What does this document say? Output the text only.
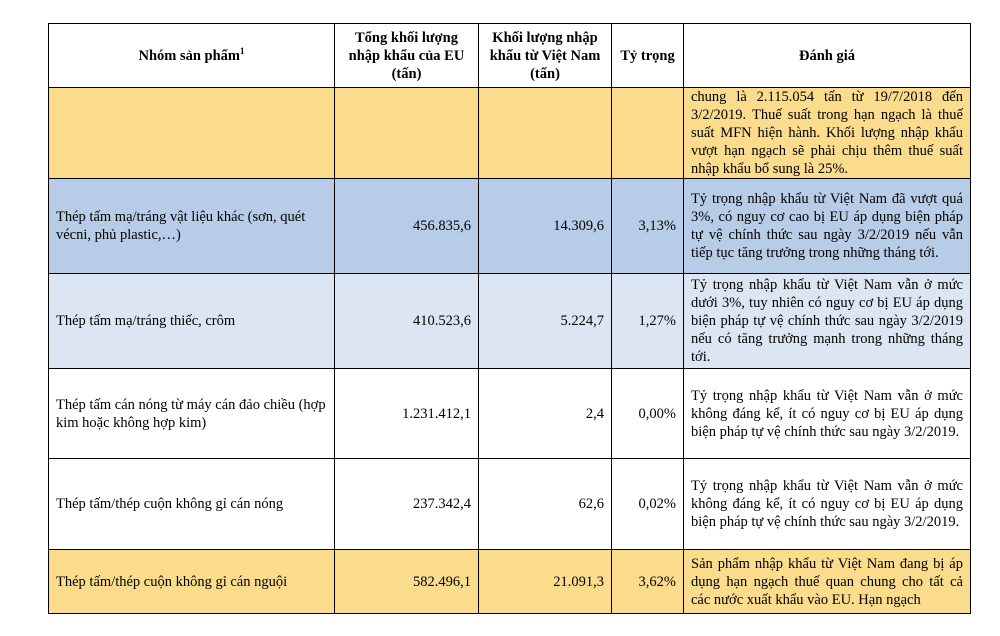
Nhóm sản phẩm$^1$	Tổng khối lượng nhập khẩu của EU (tấn)	Khối lượng nhập khẩu từ Việt Nam (tấn)	Tỷ trọng	Đánh giá
				chung là 2.115.054 tấn từ 19/7/2018 đến 3/2/2019. Thuế suất trong hạn ngạch là thuế suất MFN hiện hành. Khối lượng nhập khẩu vượt hạn ngạch sẽ phải chịu thêm thuế suất nhập khẩu bổ sung là 25%.
Thép tấm mạ/tráng vật liệu khác (sơn, quét vécni, phủ plastic,…)	456.835,6	14.309,6	3,13%	Tỷ trọng nhập khẩu từ Việt Nam đã vượt quá 3%, có nguy cơ cao bị EU áp dụng biện pháp tự vệ chính thức sau ngày 3/2/2019 nếu vẫn tiếp tục tăng trưởng trong những tháng tới.
Thép tấm mạ/tráng thiếc, crôm	410.523,6	5.224,7	1,27%	Tỷ trọng nhập khẩu từ Việt Nam vẫn ở mức dưới 3%, tuy nhiên có nguy cơ bị EU áp dụng biện pháp tự vệ chính thức sau ngày 3/2/2019 nếu có tăng trưởng mạnh trong những tháng tới.
Thép tấm cán nóng từ máy cán đảo chiều (hợp kim hoặc không hợp kim)	1.231.412,1	2,4	0,00%	Tỷ trọng nhập khẩu từ Việt Nam vẫn ở mức không đáng kể, ít có nguy cơ bị EU áp dụng biện pháp tự vệ chính thức sau ngày 3/2/2019.
Thép tấm/thép cuộn không gỉ cán nóng	237.342,4	62,6	0,02%	Tỷ trọng nhập khẩu từ Việt Nam vẫn ở mức không đáng kể, ít có nguy cơ bị EU áp dụng biện pháp tự vệ chính thức sau ngày 3/2/2019.
Thép tấm/thép cuộn không gỉ cán nguội	582.496,1	21.091,3	3,62%	Sản phẩm nhập khẩu từ Việt Nam đang bị áp dụng hạn ngạch thuế quan chung cho tất cả các nước xuất khẩu vào EU. Hạn ngạch
